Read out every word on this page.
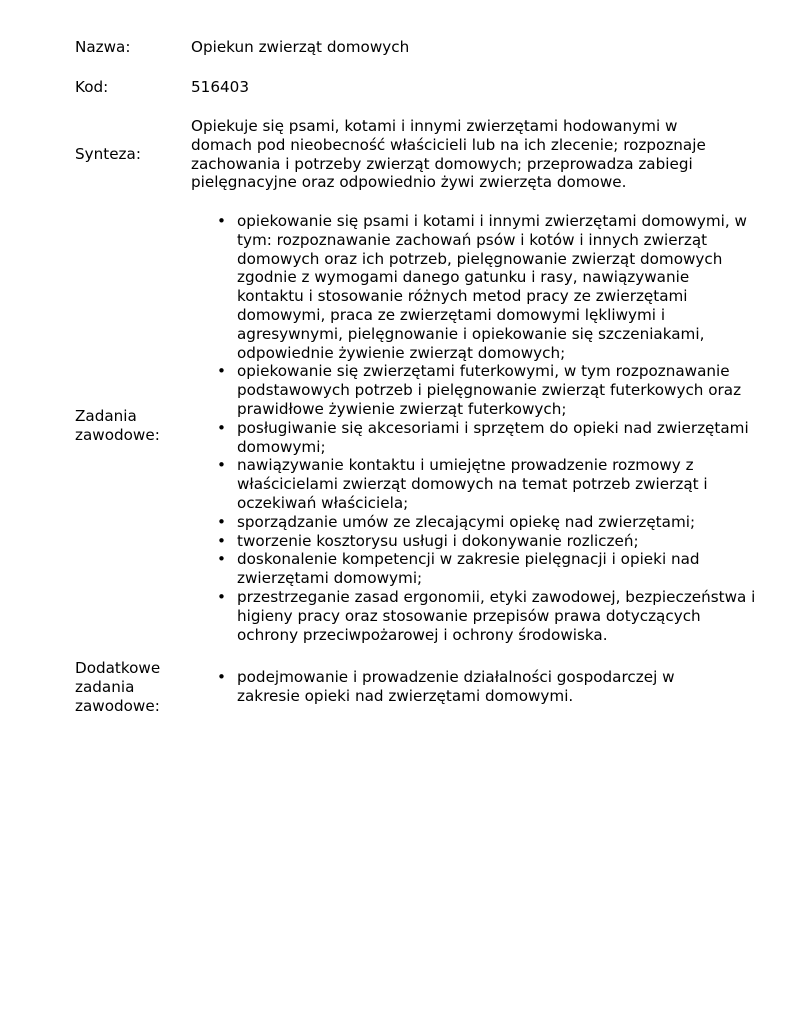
Nazwa:	Opiekun zwierząt domowych
Kod:	516403
Synteza:
Opiekuje się psami, kotami i innymi zwierzętami hodowanymi w domach pod nieobecność właścicieli lub na ich zlecenie; rozpoznaje zachowania i potrzeby zwierząt domowych; przeprowadza zabiegi pielęgnacyjne oraz odpowiednio żywi zwierzęta domowe.
Zadania
zawodowe:
• opiekowanie się psami i kotami i innymi zwierzętami domowymi, w tym: rozpoznawanie zachowań psów i kotów i innych zwierząt domowych oraz ich potrzeb, pielęgnowanie zwierząt domowych zgodnie z wymogami danego gatunku i rasy, nawiązywanie kontaktu i stosowanie różnych metod pracy ze zwierzętami domowymi, praca ze zwierzętami domowymi lękliwymi i agresywnymi, pielęgnowanie i opiekowanie się szczeniakami, odpowiednie żywienie zwierząt domowych;
• opiekowanie się zwierzętami futerkowymi, w tym rozpoznawanie podstawowych potrzeb i pielęgnowanie zwierząt futerkowych oraz prawidłowe żywienie zwierząt futerkowych;
• posługiwanie się akcesoriami i sprzętem do opieki nad zwierzętami domowymi;
• nawiązywanie kontaktu i umiejętne prowadzenie rozmowy z właścicielami zwierząt domowych na temat potrzeb zwierząt i oczekiwań właściciela;
• sporządzanie umów ze zlecającymi opiekę nad zwierzętami;
• tworzenie kosztorysu usługi i dokonywanie rozliczeń;
• doskonalenie kompetencji w zakresie pielęgnacji i opieki nad zwierzętami domowymi;
• przestrzeganie zasad ergonomii, etyki zawodowej, bezpieczeństwa i higieny pracy oraz stosowanie przepisów prawa dotyczących ochrony przeciwpożarowej i ochrony środowiska.
Dodatkowe
zadania
zawodowe:
• podejmowanie i prowadzenie działalności gospodarczej w zakresie opieki nad zwierzętami domowymi.
